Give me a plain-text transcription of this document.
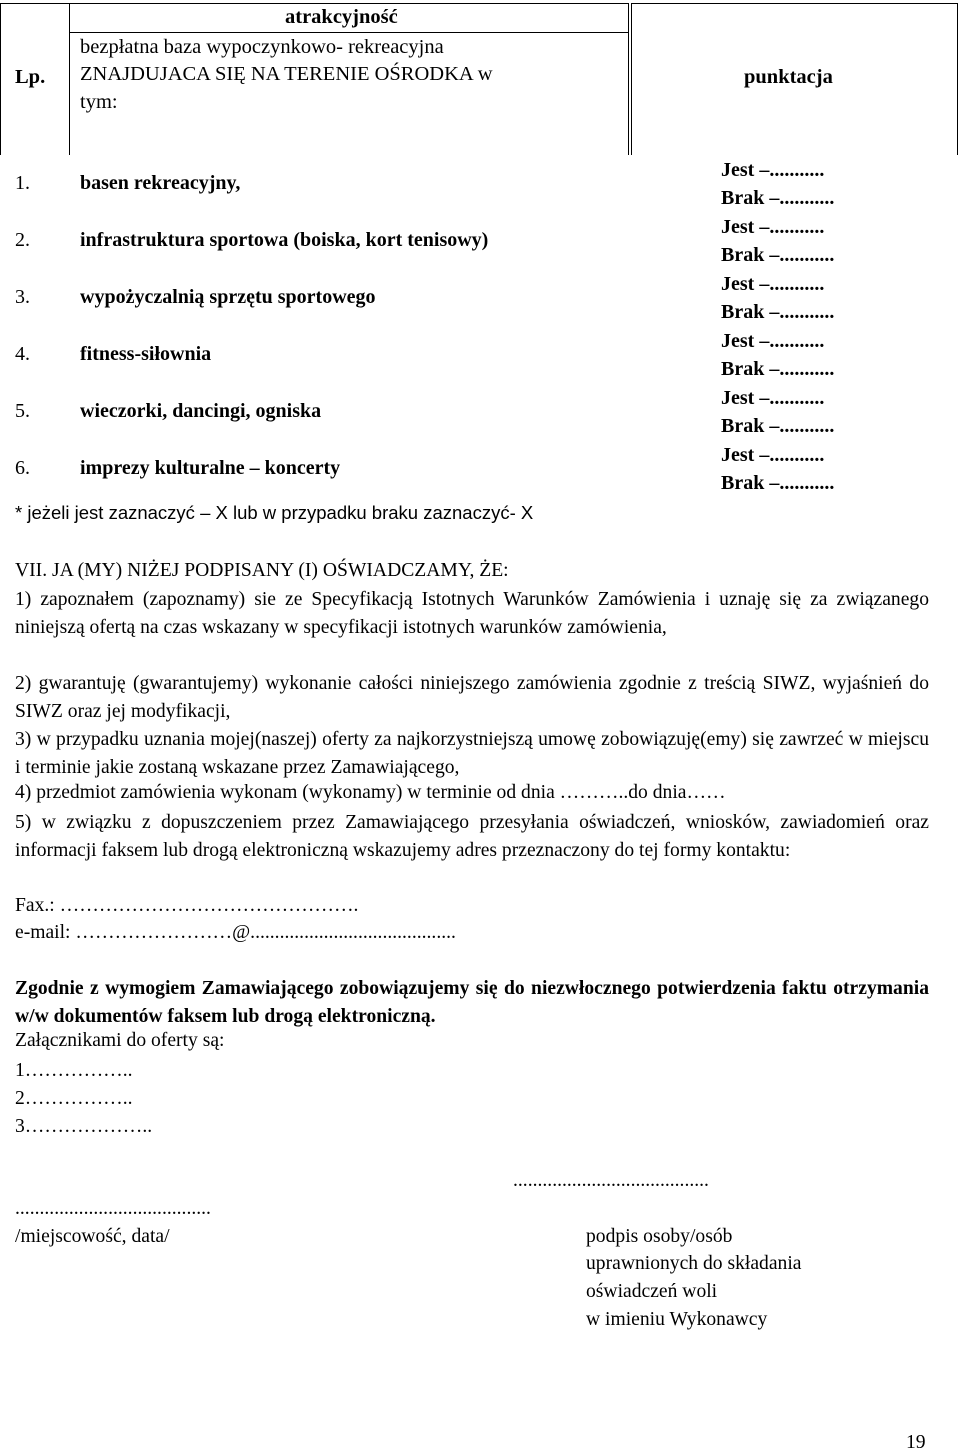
Lp.
atrakcyjność
bezpłatna baza wypoczynkowo- rekreacyjna
ZNAJDUJACA SIĘ NA TERENIE OŚRODKA w
tym:
punktacja
1.	basen rekreacyjny,
Jest –...........
Brak –...........
2.	infrastruktura sportowa (boiska, kort tenisowy)
Jest –...........
Brak –...........
3.	wypożyczalnią sprzętu sportowego
Jest –...........
Brak –...........
4.	fitness-siłownia
Jest –...........
Brak –...........
5.	wieczorki, dancingi, ogniska
Jest –...........
Brak –...........
6.	imprezy kulturalne – koncerty
Jest –...........
Brak –...........
* jeżeli jest zaznaczyć – X lub w przypadku braku zaznaczyć- X
VII. JA (MY) NIŻEJ PODPISANY (I) OŚWIADCZAMY, ŻE:
1) zapoznałem (zapoznamy) sie ze Specyfikacją Istotnych Warunków Zamówienia i uznaję się za związanego niniejszą ofertą na czas wskazany w specyfikacji istotnych warunków zamówienia,
2) gwarantuję (gwarantujemy) wykonanie całości niniejszego zamówienia zgodnie z treścią SIWZ, wyjaśnień do SIWZ oraz jej modyfikacji,
3) w przypadku uznania mojej(naszej) oferty za najkorzystniejszą umowę zobowiązuję(emy) się zawrzeć w miejscu i terminie jakie zostaną wskazane przez Zamawiającego,
4) przedmiot zamówienia wykonam (wykonamy) w terminie od dnia ………..do dnia……
5) w związku z dopuszczeniem przez Zamawiającego przesyłania oświadczeń, wniosków, zawiadomień oraz informacji faksem lub drogą elektroniczną wskazujemy adres przeznaczony do tej formy kontaktu:
Fax.: ……………………………………….
e-mail: ……………………@..........................................
Zgodnie z wymogiem Zamawiającego zobowiązujemy się do niezwłocznego potwierdzenia faktu otrzymania w/w dokumentów faksem lub drogą elektroniczną.
Załącznikami do oferty są:
1……………..
2……………..
3………………..
........................................
........................................
/miejscowość, data/	podpis osoby/osób
uprawnionych do składania
oświadczeń woli
w imieniu Wykonawcy
19
